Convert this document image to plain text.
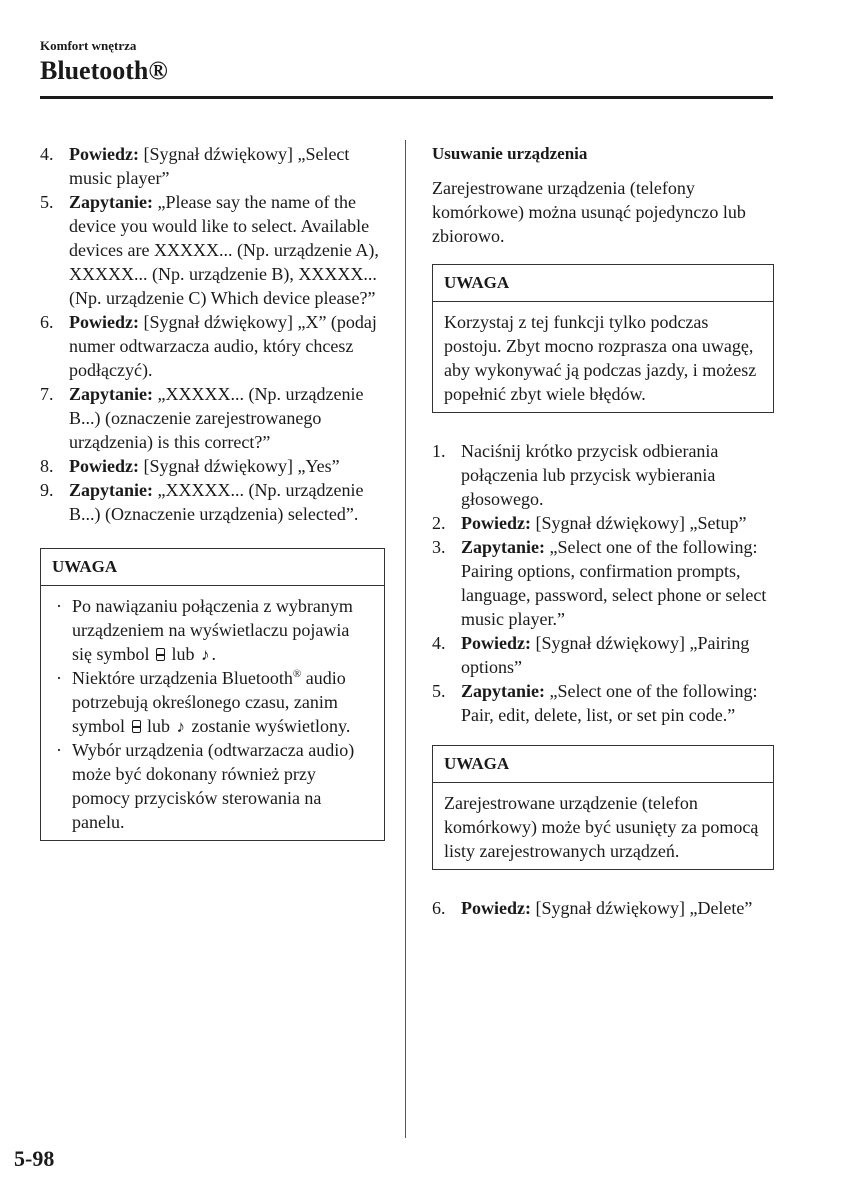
Komfort wnętrza
Bluetooth®
4. Powiedz: [Sygnał dźwiękowy] „Select music player”
5. Zapytanie: „Please say the name of the device you would like to select. Available devices are XXXXX... (Np. urządzenie A), XXXXX... (Np. urządzenie B), XXXXX... (Np. urządzenie C) Which device please?”
6. Powiedz: [Sygnał dźwiękowy] „X” (podaj numer odtwarzacza audio, który chcesz podłączyć).
7. Zapytanie: „XXXXX... (Np. urządzenie B...) (oznaczenie zarejestrowanego urządzenia) is this correct?”
8. Powiedz: [Sygnał dźwiękowy] „Yes”
9. Zapytanie: „XXXXX... (Np. urządzenie B...) (Oznaczenie urządzenia) selected”.
UWAGA
· Po nawiązaniu połączenia z wybranym urządzeniem na wyświetlaczu pojawia się symbol  lub ♪ .
· Niektóre urządzenia Bluetooth® audio potrzebują określonego czasu, zanim symbol  lub ♪ zostanie wyświetlony.
· Wybór urządzenia (odtwarzacza audio) może być dokonany również przy pomocy przycisków sterowania na panelu.
Usuwanie urządzenia
Zarejestrowane urządzenia (telefony komórkowe) można usunąć pojedynczo lub zbiorowo.
UWAGA
Korzystaj z tej funkcji tylko podczas postoju. Zbyt mocno rozprasza ona uwagę, aby wykonywać ją podczas jazdy, i możesz popełnić zbyt wiele błędów.
1. Naciśnij krótko przycisk odbierania połączenia lub przycisk wybierania głosowego.
2. Powiedz: [Sygnał dźwiękowy] „Setup”
3. Zapytanie: „Select one of the following: Pairing options, confirmation prompts, language, password, select phone or select music player.”
4. Powiedz: [Sygnał dźwiękowy] „Pairing options”
5. Zapytanie: „Select one of the following: Pair, edit, delete, list, or set pin code.”
UWAGA
Zarejestrowane urządzenie (telefon komórkowy) może być usunięty za pomocą listy zarejestrowanych urządzeń.
6. Powiedz: [Sygnał dźwiękowy] „Delete”
5-98
